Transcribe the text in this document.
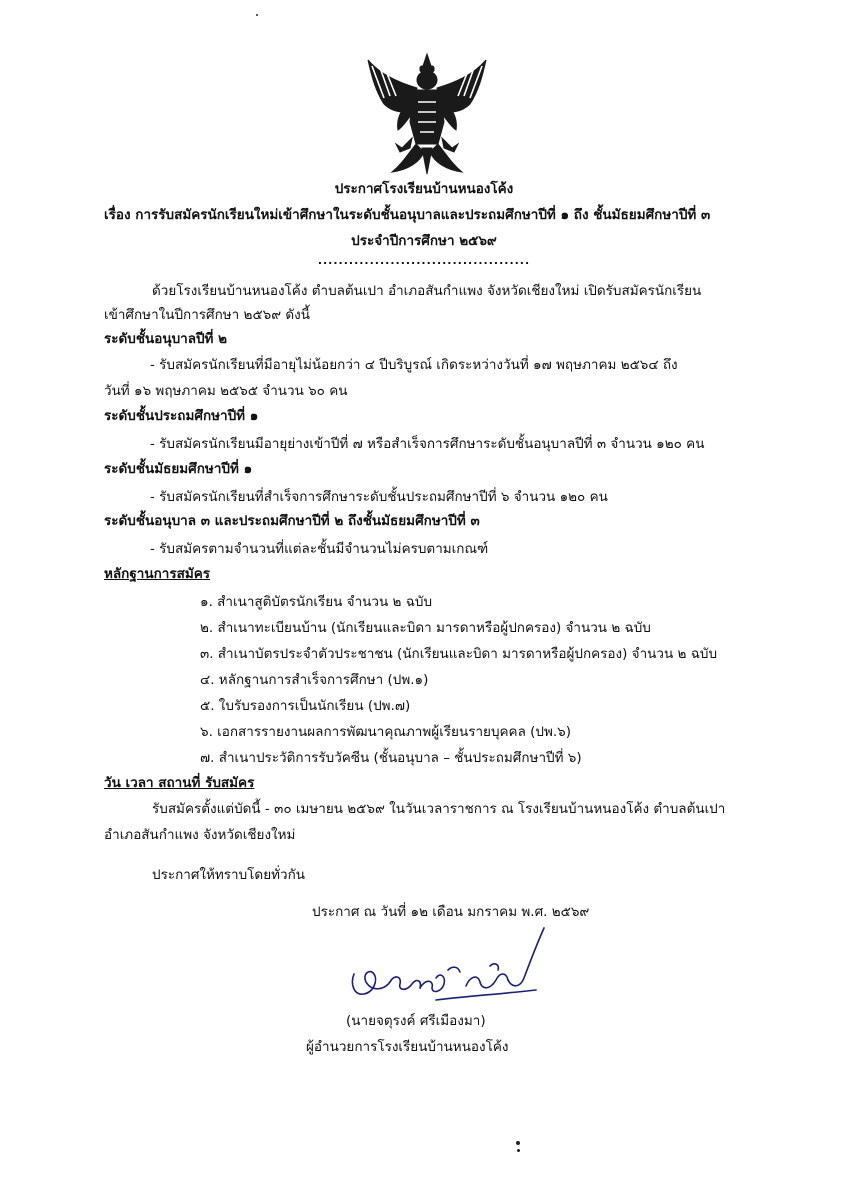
ประกาศโรงเรียนบ้านหนองโค้ง
เรื่อง การรับสมัครนักเรียนใหม่เข้าศึกษาในระดับชั้นอนุบาลและประถมศึกษาปีที่ ๑ ถึง ชั้นมัธยมศึกษาปีที่ ๓
ประจำปีการศึกษา ๒๕๖๙
.........................................
ด้วยโรงเรียนบ้านหนองโค้ง ตำบลต้นเปา อำเภอสันกำแพง จังหวัดเชียงใหม่ เปิดรับสมัครนักเรียน
เข้าศึกษาในปีการศึกษา ๒๕๖๙ ดังนี้
ระดับชั้นอนุบาลปีที่ ๒
- รับสมัครนักเรียนที่มีอายุไม่น้อยกว่า ๔ ปีบริบูรณ์ เกิดระหว่างวันที่ ๑๗ พฤษภาคม ๒๕๖๔ ถึง
วันที่ ๑๖ พฤษภาคม ๒๕๖๕ จำนวน ๖๐ คน
ระดับชั้นประถมศึกษาปีที่ ๑
- รับสมัครนักเรียนมีอายุย่างเข้าปีที่ ๗ หรือสำเร็จการศึกษาระดับชั้นอนุบาลปีที่ ๓ จำนวน ๑๒๐ คน
ระดับชั้นมัธยมศึกษาปีที่ ๑
- รับสมัครนักเรียนที่สำเร็จการศึกษาระดับชั้นประถมศึกษาปีที่ ๖ จำนวน ๑๒๐ คน
ระดับชั้นอนุบาล ๓ และประถมศึกษาปีที่ ๒ ถึงชั้นมัธยมศึกษาปีที่ ๓
- รับสมัครตามจำนวนที่แต่ละชั้นมีจำนวนไม่ครบตามเกณฑ์
หลักฐานการสมัคร
๑. สำเนาสูติบัตรนักเรียน จำนวน ๒ ฉบับ
๒. สำเนาทะเบียนบ้าน (นักเรียนและบิดา มารดาหรือผู้ปกครอง) จำนวน ๒ ฉบับ
๓. สำเนาบัตรประจำตัวประชาชน (นักเรียนและบิดา มารดาหรือผู้ปกครอง) จำนวน ๒ ฉบับ
๔. หลักฐานการสำเร็จการศึกษา (ปพ.๑)
๕. ใบรับรองการเป็นนักเรียน (ปพ.๗)
๖. เอกสารรายงานผลการพัฒนาคุณภาพผู้เรียนรายบุคคล (ปพ.๖)
๗. สำเนาประวัติการรับวัคซีน (ชั้นอนุบาล – ชั้นประถมศึกษาปีที่ ๖)
วัน เวลา สถานที่ รับสมัคร
รับสมัครตั้งแต่บัดนี้ - ๓๐ เมษายน ๒๕๖๙ ในวันเวลาราชการ ณ โรงเรียนบ้านหนองโค้ง ตำบลต้นเปา
อำเภอสันกำแพง จังหวัดเชียงใหม่
ประกาศให้ทราบโดยทั่วกัน
ประกาศ ณ วันที่ ๑๒ เดือน มกราคม พ.ศ. ๒๕๖๙
(นายจตุรงค์ ศรีเมืองมา)
ผู้อำนวยการโรงเรียนบ้านหนองโค้ง
